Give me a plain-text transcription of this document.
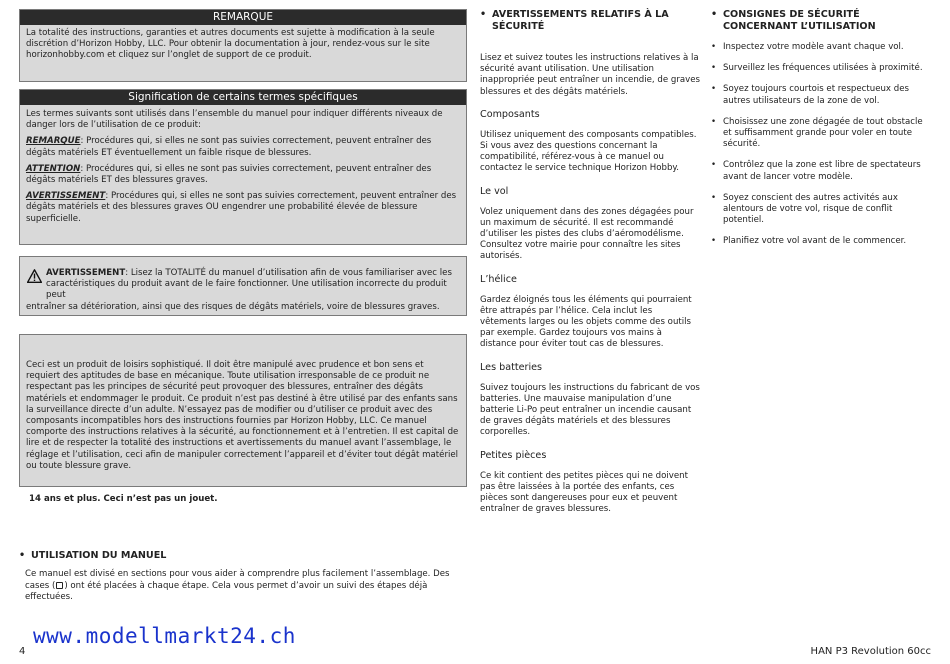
REMARQUE

La totalité des instructions, garanties et autres documents est sujette à modification à la seule discrétion d’Horizon Hobby, LLC. Pour obtenir la documentation à jour, rendez-vous sur le site horizonhobby.com et cliquez sur l’onglet de support de ce produit.

Signification de certains termes spécifiques

Les termes suivants sont utilisés dans l’ensemble du manuel pour indiquer différents niveaux de danger lors de l’utilisation de ce produit:

REMARQUE: Procédures qui, si elles ne sont pas suivies correctement, peuvent entraîner des dégâts matériels ET éventuellement un faible risque de blessures.

ATTENTION: Procédures qui, si elles ne sont pas suivies correctement, peuvent entraîner des dégâts matériels ET des blessures graves.

AVERTISSEMENT: Procédures qui, si elles ne sont pas suivies correctement, peuvent entraîner des dégâts matériels et des blessures graves OU engendrer une probabilité élevée de blessure superficielle.

AVERTISSEMENT: Lisez la TOTALITÉ du manuel d’utilisation afin de vous familiariser avec les
caractéristiques du produit avant de le faire fonctionner. Une utilisation incorrecte du produit peut
entraîner sa détérioration, ainsi que des risques de dégâts matériels, voire de blessures graves.

Ceci est un produit de loisirs sophistiqué. Il doit être manipulé avec prudence et bon sens et requiert des aptitudes de base en mécanique. Toute utilisation irresponsable de ce produit ne respectant pas les principes de sécurité peut provoquer des blessures, entraîner des dégâts matériels et endommager le produit. Ce produit n’est pas destiné à être utilisé par des enfants sans la surveillance directe d’un adulte. N’essayez pas de modifier ou d’utiliser ce produit avec des composants incompatibles hors des instructions fournies par Horizon Hobby, LLC. Ce manuel comporte des instructions relatives à la sécurité, au fonctionnement et à l’entretien. Il est capital de lire et de respecter la totalité des instructions et avertissements du manuel avant l’assemblage, le réglage et l’utilisation, ceci afin de manipuler correctement l’appareil et d’éviter tout dégât matériel ou toute blessure grave.

14 ans et plus. Ceci n’est pas un jouet.
• UTILISATION DU MANUEL
Ce manuel est divisé en sections pour vous aider à comprendre plus facilement l’assemblage. Des cases ( ) ont été placées à chaque étape. Cela vous permet d’avoir un suivi des étapes déjà effectuées.
• AVERTISSEMENTS RELATIFS À LA SÉCURITÉ

Lisez et suivez toutes les instructions relatives à la sécurité avant utilisation. Une utilisation inappropriée peut entraîner un incendie, de graves blessures et des dégâts matériels.

Composants

Utilisez uniquement des composants compatibles. Si vous avez des questions concernant la compatibilité, référez-vous à ce manuel ou contactez le service technique Horizon Hobby.

Le vol

Volez uniquement dans des zones dégagées pour un maximum de sécurité. Il est recommandé d’utiliser les pistes des clubs d’aéromodélisme. Consultez votre mairie pour connaître les sites autorisés.

L’hélice

Gardez éloignés tous les éléments qui pourraient être attrapés par l’hélice. Cela inclut les vêtements larges ou les objets comme des outils par exemple. Gardez toujours vos mains à distance pour éviter tout cas de blessures.

Les batteries

Suivez toujours les instructions du fabricant de vos batteries. Une mauvaise manipulation d’une batterie Li-Po peut entraîner un incendie causant de graves dégâts matériels et des blessures corporelles.

Petites pièces

Ce kit contient des petites pièces qui ne doivent pas être laissées à la portée des enfants, ces pièces sont dangereuses pour eux et peuvent entraîner de graves blessures.

• CONSIGNES DE SÉCURITÉ CONCERNANT L’UTILISATION
• Inspectez votre modèle avant chaque vol.
• Surveillez les fréquences utilisées à proximité.
• Soyez toujours courtois et respectueux des autres utilisateurs de la zone de vol.
• Choisissez une zone dégagée de tout obstacle et suffisamment grande pour voler en toute sécurité.
• Contrôlez que la zone est libre de spectateurs avant de lancer votre modèle.
• Soyez conscient des autres activités aux alentours de votre vol, risque de conflit potentiel.
• Planifiez votre vol avant de le commencer.
www.modellmarkt24.ch
4	HAN P3 Revolution 60cc
